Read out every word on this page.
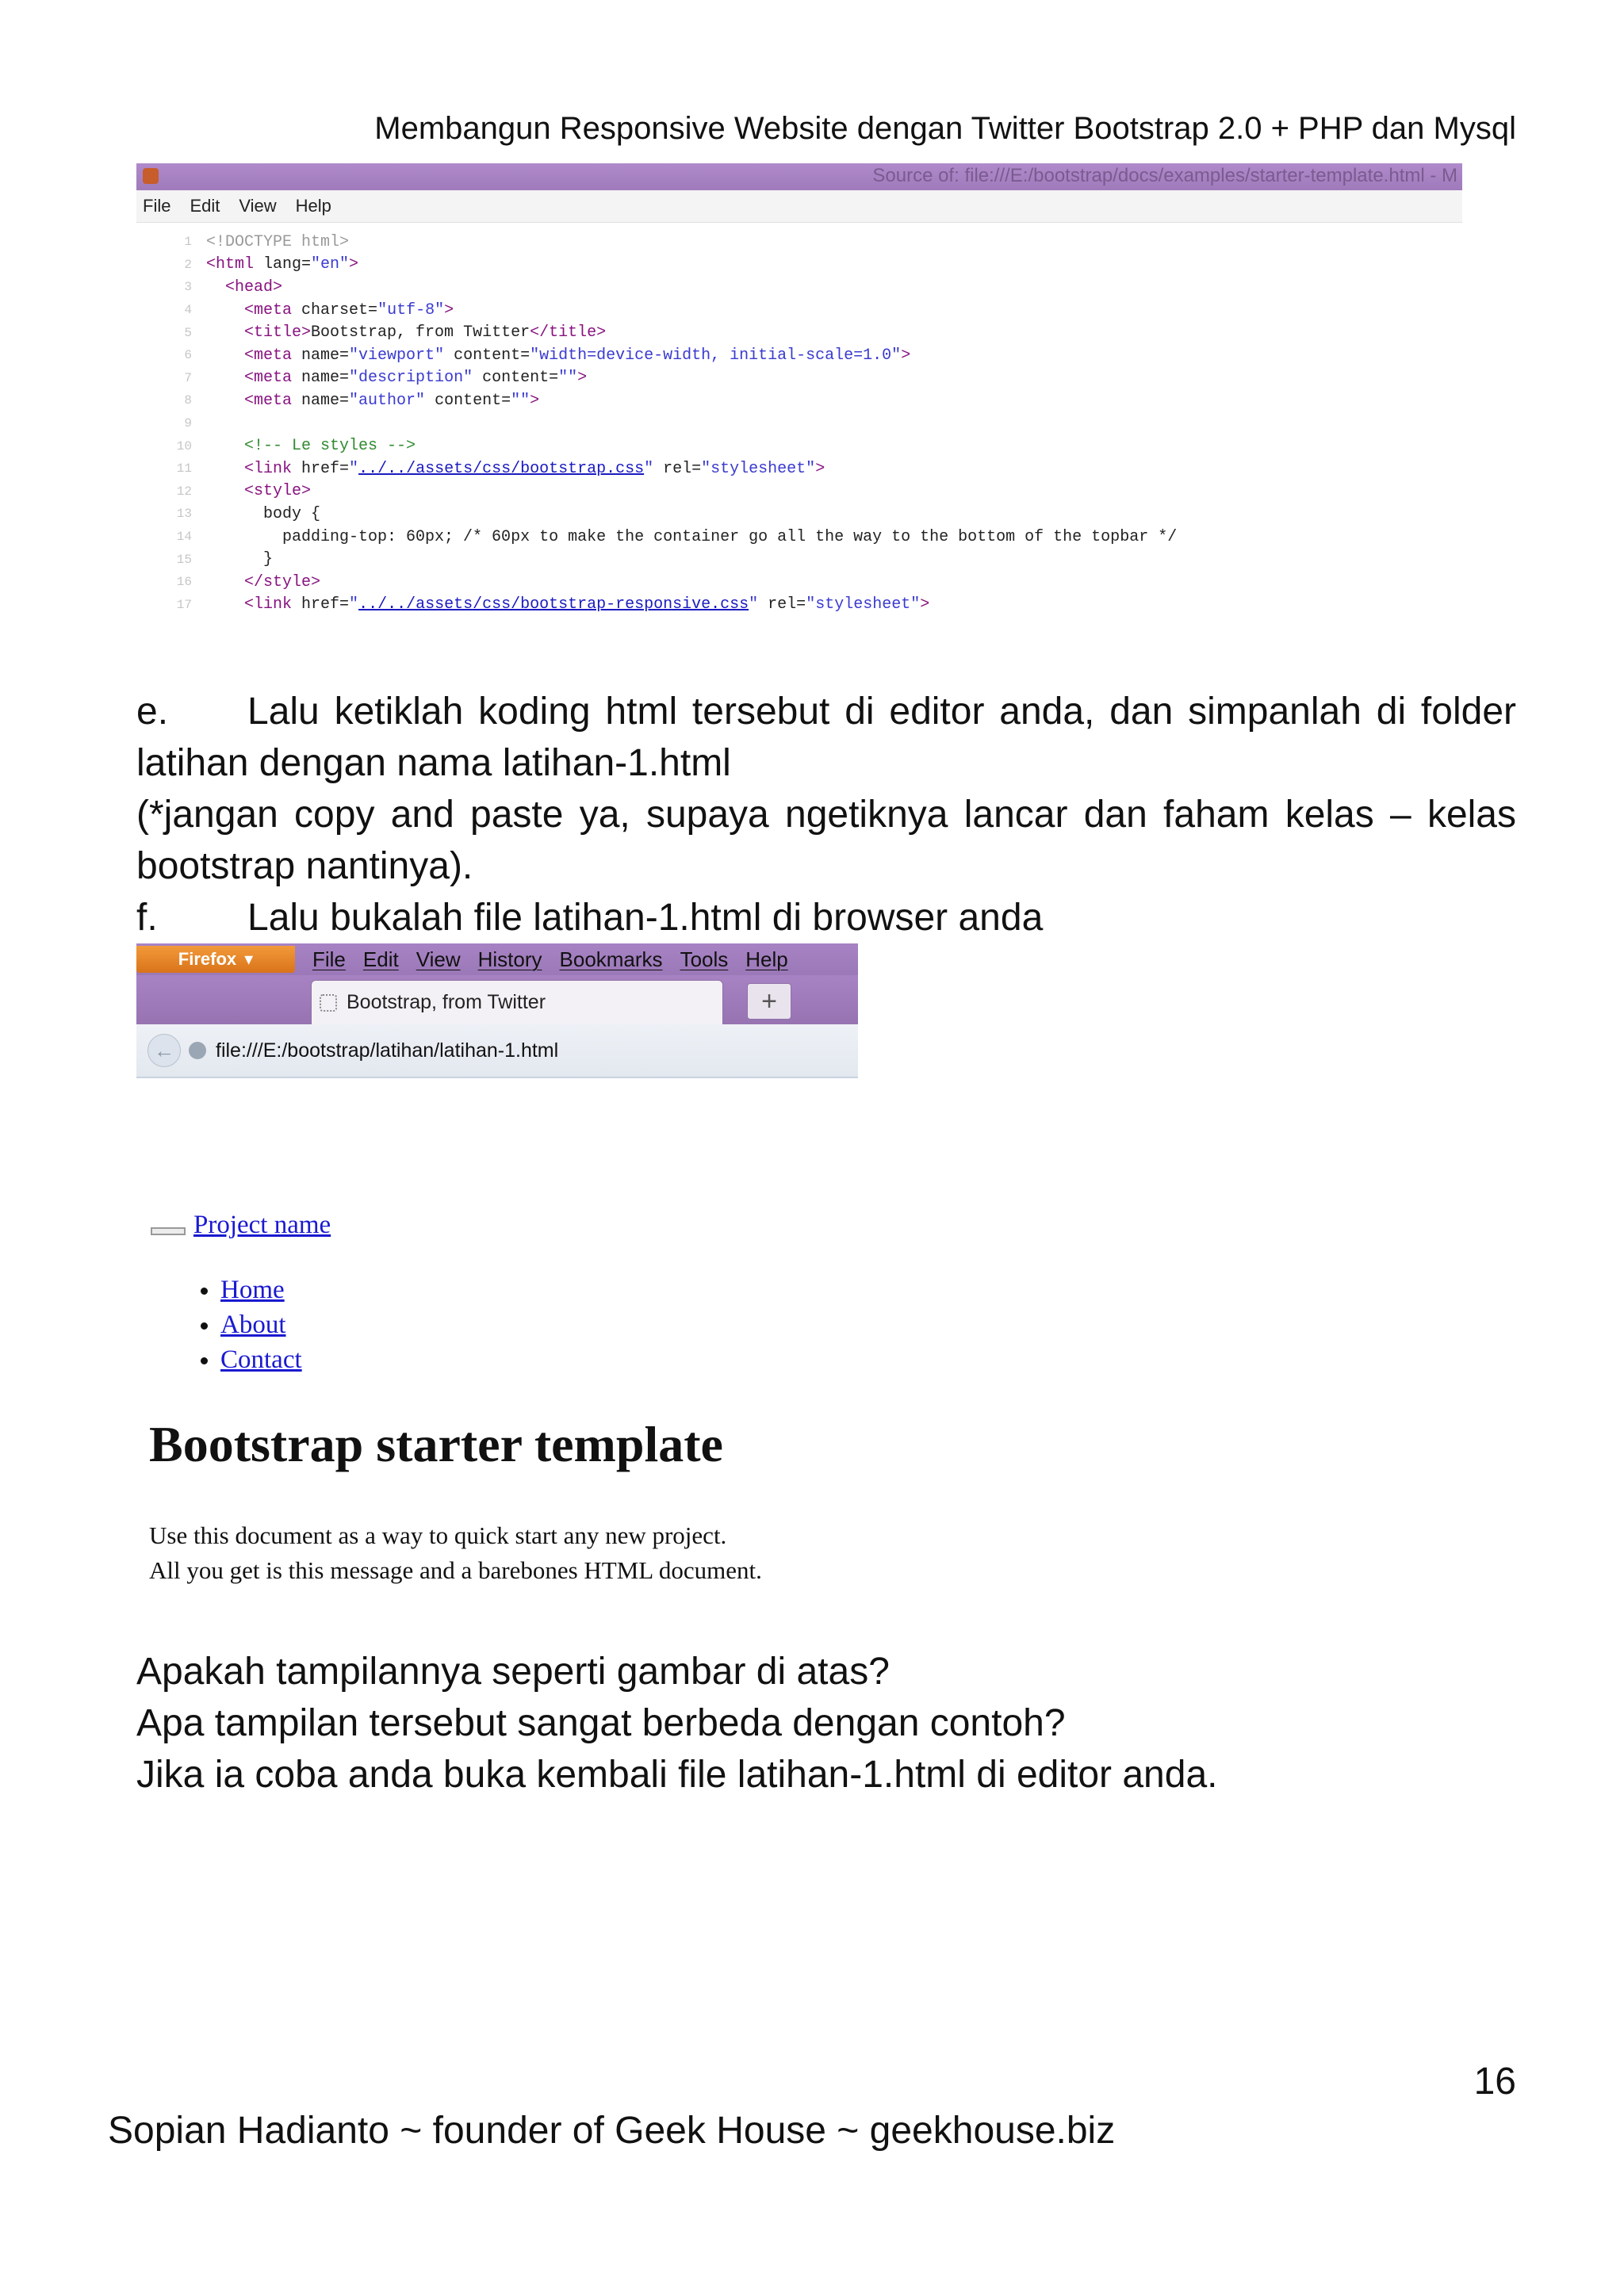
Membangun Responsive Website dengan Twitter Bootstrap 2.0 + PHP dan Mysql
Source of: file:///E:/bootstrap/docs/examples/starter-template.html - M
File Edit View Help
1 <!DOCTYPE html>
2 <html lang="en">
3	<head>
4	<meta charset="utf-8">
5	<title>Bootstrap, from Twitter</title>
6	<meta name="viewport" content="width=device-width, initial-scale=1.0">
7	<meta name="description" content="">
8	<meta name="author" content="">
9
10	<!-- Le styles -->
11	<link href="../../assets/css/bootstrap.css" rel="stylesheet">
12	<style>
13	body {
14	padding-top: 60px; /* 60px to make the container go all the way to the bottom of the topbar */
15	}
16	</style>
17	<link href="../../assets/css/bootstrap-responsive.css" rel="stylesheet">
e.	Lalu ketiklah koding html tersebut di editor anda, dan simpanlah di folder
latihan dengan nama latihan-1.html
(*jangan copy and paste ya, supaya ngetiknya lancar dan faham kelas – kelas
bootstrap nantinya).
f.	Lalu bukalah file latihan-1.html di browser anda
Firefox ▾	File Edit View History Bookmarks Tools Help
Bootstrap, from Twitter	+
←	file:///E:/bootstrap/latihan/latihan-1.html
Project name
• Home
• About
• Contact
Bootstrap starter template

Use this document as a way to quick start any new project.
All you get is this message and a barebones HTML document.

Apakah tampilannya seperti gambar di atas?
Apa tampilan tersebut sangat berbeda dengan contoh?
Jika ia coba anda buka kembali file latihan-1.html di editor anda.
16
Sopian Hadianto ~ founder of Geek House ~ geekhouse.biz
